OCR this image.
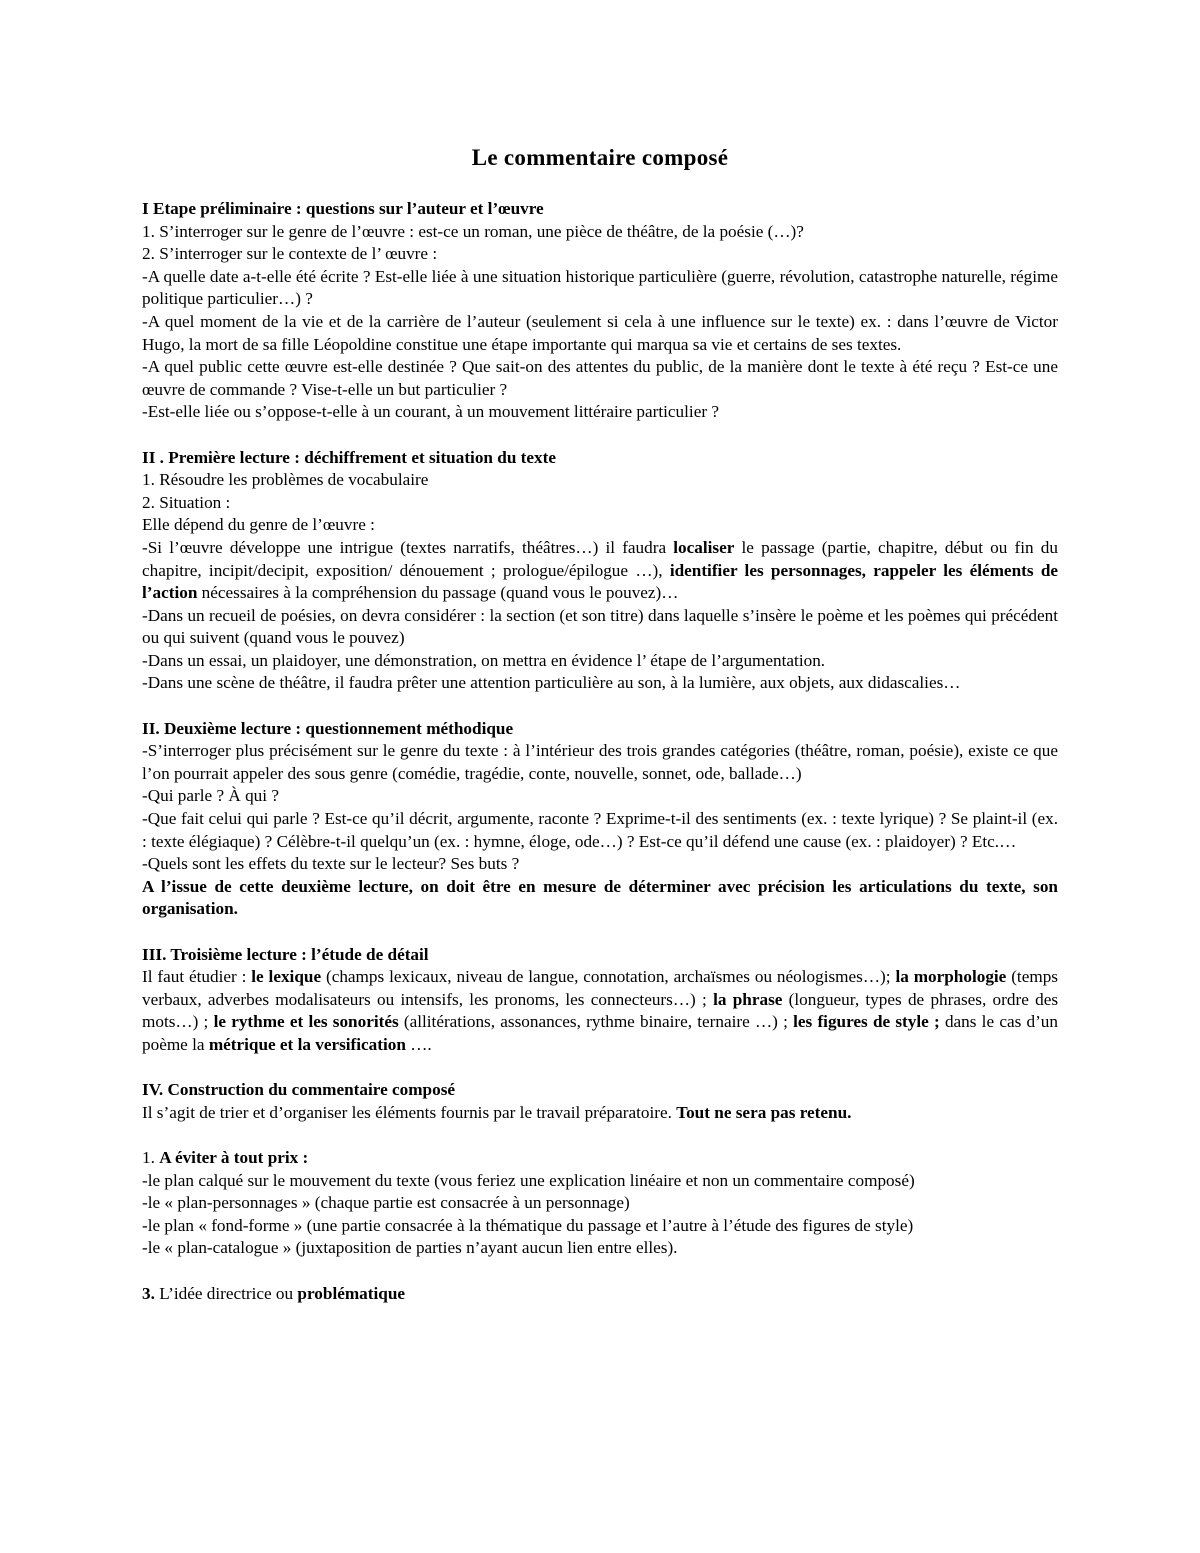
Le commentaire composé

I Etape préliminaire : questions sur l’auteur et l’œuvre

1. S’interroger sur le genre de l’œuvre : est-ce un roman, une pièce de théâtre, de la poésie (…)?

2. S’interroger sur le contexte de l’ œuvre :

-A quelle date a-t-elle été écrite ? Est-elle liée à une situation historique particulière (guerre, révolution, catastrophe naturelle, régime politique particulier…) ?

-A quel moment de la vie et de la carrière de l’auteur (seulement si cela à une influence sur le texte) ex. : dans l’œuvre de Victor Hugo, la mort de sa fille Léopoldine constitue une étape importante qui marqua sa vie et certains de ses textes.

-A quel public cette œuvre est-elle destinée ? Que sait-on des attentes du public, de la manière dont le texte à été reçu ? Est-ce une œuvre de commande ? Vise-t-elle un but particulier ?

-Est-elle liée ou s’oppose-t-elle à un courant, à un mouvement littéraire particulier ?

II . Première lecture : déchiffrement et situation du texte

1. Résoudre les problèmes de vocabulaire

2. Situation :

Elle dépend du genre de l’œuvre :

-Si l’œuvre développe une intrigue (textes narratifs, théâtres…) il faudra localiser le passage (partie, chapitre, début ou fin du chapitre, incipit/decipit, exposition/ dénouement ; prologue/épilogue …), identifier les personnages, rappeler les éléments de l’action nécessaires à la compréhension du passage (quand vous le pouvez)…

-Dans un recueil de poésies, on devra considérer : la section (et son titre) dans laquelle s’insère le poème et les poèmes qui précédent ou qui suivent (quand vous le pouvez)

-Dans un essai, un plaidoyer, une démonstration, on mettra en évidence l’ étape de l’argumentation.

-Dans une scène de théâtre, il faudra prêter une attention particulière au son, à la lumière, aux objets, aux didascalies…

II. Deuxième lecture : questionnement méthodique

-S’interroger plus précisément sur le genre du texte : à l’intérieur des trois grandes catégories (théâtre, roman, poésie), existe ce que l’on pourrait appeler des sous genre (comédie, tragédie, conte, nouvelle, sonnet, ode, ballade…)

-Qui parle ? À qui ?

-Que fait celui qui parle ? Est-ce qu’il décrit, argumente, raconte ? Exprime-t-il des sentiments (ex. : texte lyrique) ? Se plaint-il (ex. : texte élégiaque) ? Célèbre-t-il quelqu’un (ex. : hymne, éloge, ode…) ? Est-ce qu’il défend une cause (ex. : plaidoyer) ? Etc.…

-Quels sont les effets du texte sur le lecteur? Ses buts ?

A l’issue de cette deuxième lecture, on doit être en mesure de déterminer avec précision les articulations du texte, son organisation.

III. Troisième lecture : l’étude de détail

Il faut étudier : le lexique (champs lexicaux, niveau de langue, connotation, archaïsmes ou néologismes…); la morphologie (temps verbaux, adverbes modalisateurs ou intensifs, les pronoms, les connecteurs…) ; la phrase (longueur, types de phrases, ordre des mots…) ; le rythme et les sonorités (allitérations, assonances, rythme binaire, ternaire …) ; les figures de style ; dans le cas d’un poème la métrique et la versification ….

IV. Construction du commentaire composé

Il s’agit de trier et d’organiser les éléments fournis par le travail préparatoire. Tout ne sera pas retenu.

1. A éviter à tout prix :

-le plan calqué sur le mouvement du texte (vous feriez une explication linéaire et non un commentaire composé)

-le « plan-personnages » (chaque partie est consacrée à un personnage)

-le plan « fond-forme » (une partie consacrée à la thématique du passage et l’autre à l’étude des figures de style)

-le « plan-catalogue » (juxtaposition de parties n’ayant aucun lien entre elles).

3. L’idée directrice ou problématique
